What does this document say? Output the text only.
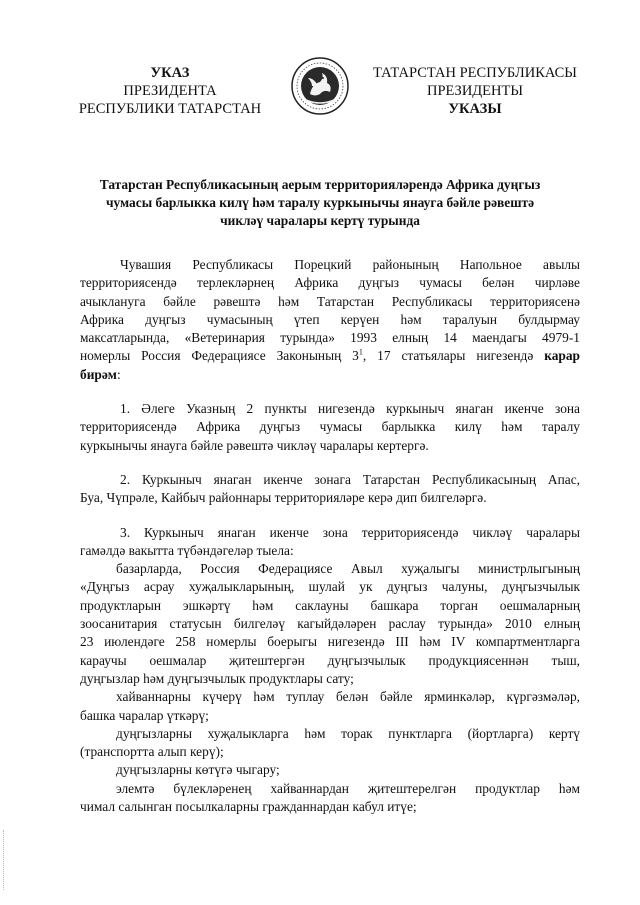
УКАЗ
ПРЕЗИДЕНТА
РЕСПУБЛИКИ ТАТАРСТАН
ТАТАРСТАН РЕСПУБЛИКАСЫ
ПРЕЗИДЕНТЫ
УКАЗЫ
Татарстан Республикасының аерым территорияләрендә Африка дуңгыз
чумасы барлыкка килү һәм таралу куркынычы янауга бәйле рәвештә
чикләү чаралары кертү турында
Чувашия Республикасы Порецкий районының Напольное авылы
территориясендә терлекләрнең Африка дуңгыз чумасы белән чирләве
ачыклануга бәйле рәвештә һәм Татарстан Республикасы территориясенә
Африка дуңгыз чумасының үтеп керүен һәм таралуын булдырмау
максатларында, «Ветеринария турында» 1993 елның 14 маендагы 4979-1
номерлы Россия Федерациясе Законының $3^1$, 17 статьялары нигезендә карар
бирәм:
1. Әлеге Указның 2 пункты нигезендә куркыныч янаган икенче зона
территориясендә Африка дуңгыз чумасы барлыкка килү һәм таралу
куркынычы янауга бәйле рәвештә чикләү чаралары кертергә.
2. Куркыныч янаган икенче зонага Татарстан Республикасының Апас,
Буа, Чүпрәле, Кайбыч районнары территорияләре керә дип билгеләргә.
3. Куркыныч янаган икенче зона территориясендә чикләү чаралары
гамәлдә вакытта түбәндәгеләр тыела:
базарларда, Россия Федерациясе Авыл хуҗалыгы министрлыгының
«Дуңгыз асрау хуҗалыкларының, шулай ук дуңгыз чалуны, дуңгызчылык
продуктларын эшкәртү һәм саклауны башкара торган оешмаларның
зоосанитария статусын билгеләү кагыйдәләрен раслау турында» 2010 елның
23 июлендәге 258 номерлы боерыгы нигезендә III һәм IV компартментларга
караучы оешмалар җитештергән дуңгызчылык продукциясеннән тыш,
дуңгызлар һәм дуңгызчылык продуктлары сату;
хайваннарны күчерү һәм туплау белән бәйле ярминкәләр, күргәзмәләр,
башка чаралар үткәрү;
дуңгызларны хуҗалыкларга һәм торак пунктларга (йортларга) кертү
(транспортта алып керү);
дуңгызларны көтүгә чыгару;
элемтә бүлекләренең хайваннардан җитештерелгән продуктлар һәм
чимал салынган посылкаларны гражданнардан кабул итүе;
